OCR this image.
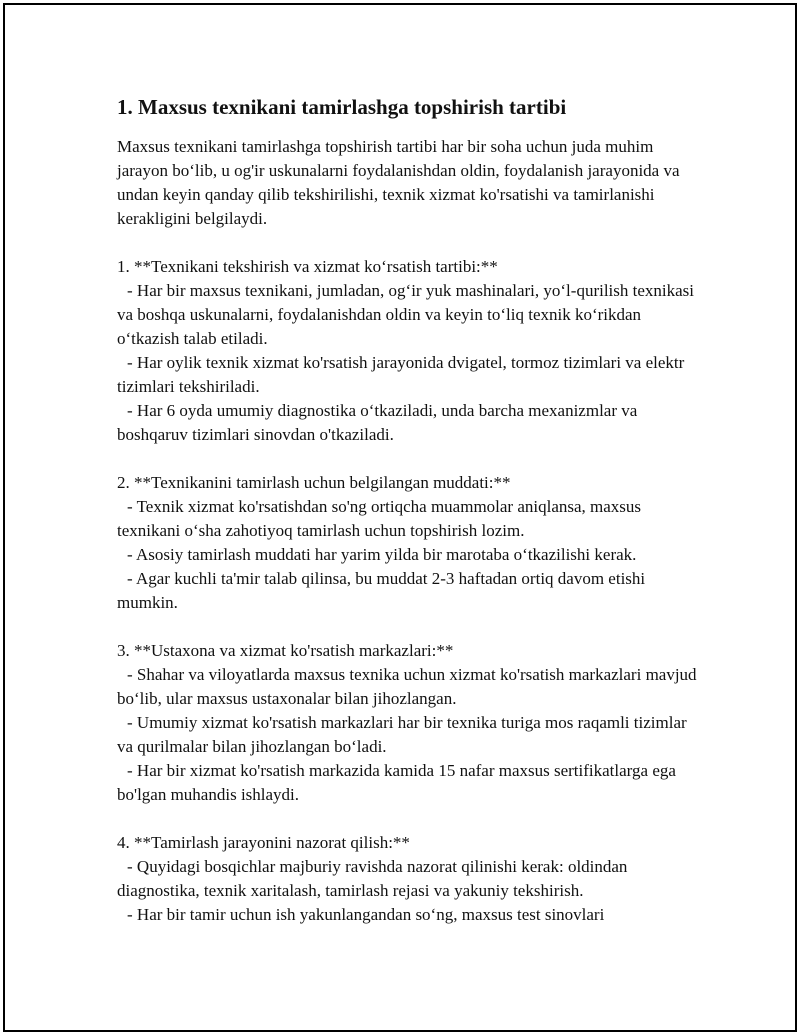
1. Maxsus texnikani tamirlashga topshirish tartibi

Maxsus texnikani tamirlashga topshirish tartibi har bir soha uchun juda muhim jarayon bo‘lib, u og'ir uskunalarni foydalanishdan oldin, foydalanish jarayonida va undan keyin qanday qilib tekshirilishi, texnik xizmat ko'rsatishi va tamirlanishi kerakligini belgilaydi.

1. **Texnikani tekshirish va xizmat ko‘rsatish tartibi:**

- Har bir maxsus texnikani, jumladan, og‘ir yuk mashinalari, yo‘l-qurilish texnikasi va boshqa uskunalarni, foydalanishdan oldin va keyin to‘liq texnik ko‘rikdan o‘tkazish talab etiladi.

- Har oylik texnik xizmat ko'rsatish jarayonida dvigatel, tormoz tizimlari va elektr tizimlari tekshiriladi.

- Har 6 oyda umumiy diagnostika o‘tkaziladi, unda barcha mexanizmlar va boshqaruv tizimlari sinovdan o'tkaziladi.

2. **Texnikanini tamirlash uchun belgilangan muddati:**

- Texnik xizmat ko'rsatishdan so'ng ortiqcha muammolar aniqlansa, maxsus texnikani o‘sha zahotiyoq tamirlash uchun topshirish lozim.

- Asosiy tamirlash muddati har yarim yilda bir marotaba o‘tkazilishi kerak.

- Agar kuchli ta'mir talab qilinsa, bu muddat 2-3 haftadan ortiq davom etishi mumkin.

3. **Ustaxona va xizmat ko'rsatish markazlari:**

- Shahar va viloyatlarda maxsus texnika uchun xizmat ko'rsatish markazlari mavjud bo‘lib, ular maxsus ustaxonalar bilan jihozlangan.

- Umumiy xizmat ko'rsatish markazlari har bir texnika turiga mos raqamli tizimlar va qurilmalar bilan jihozlangan bo‘ladi.

- Har bir xizmat ko'rsatish markazida kamida 15 nafar maxsus sertifikatlarga ega bo'lgan muhandis ishlaydi.

4. **Tamirlash jarayonini nazorat qilish:**

- Quyidagi bosqichlar majburiy ravishda nazorat qilinishi kerak: oldindan diagnostika, texnik xaritalash, tamirlash rejasi va yakuniy tekshirish.

- Har bir tamir uchun ish yakunlangandan so‘ng, maxsus test sinovlari
